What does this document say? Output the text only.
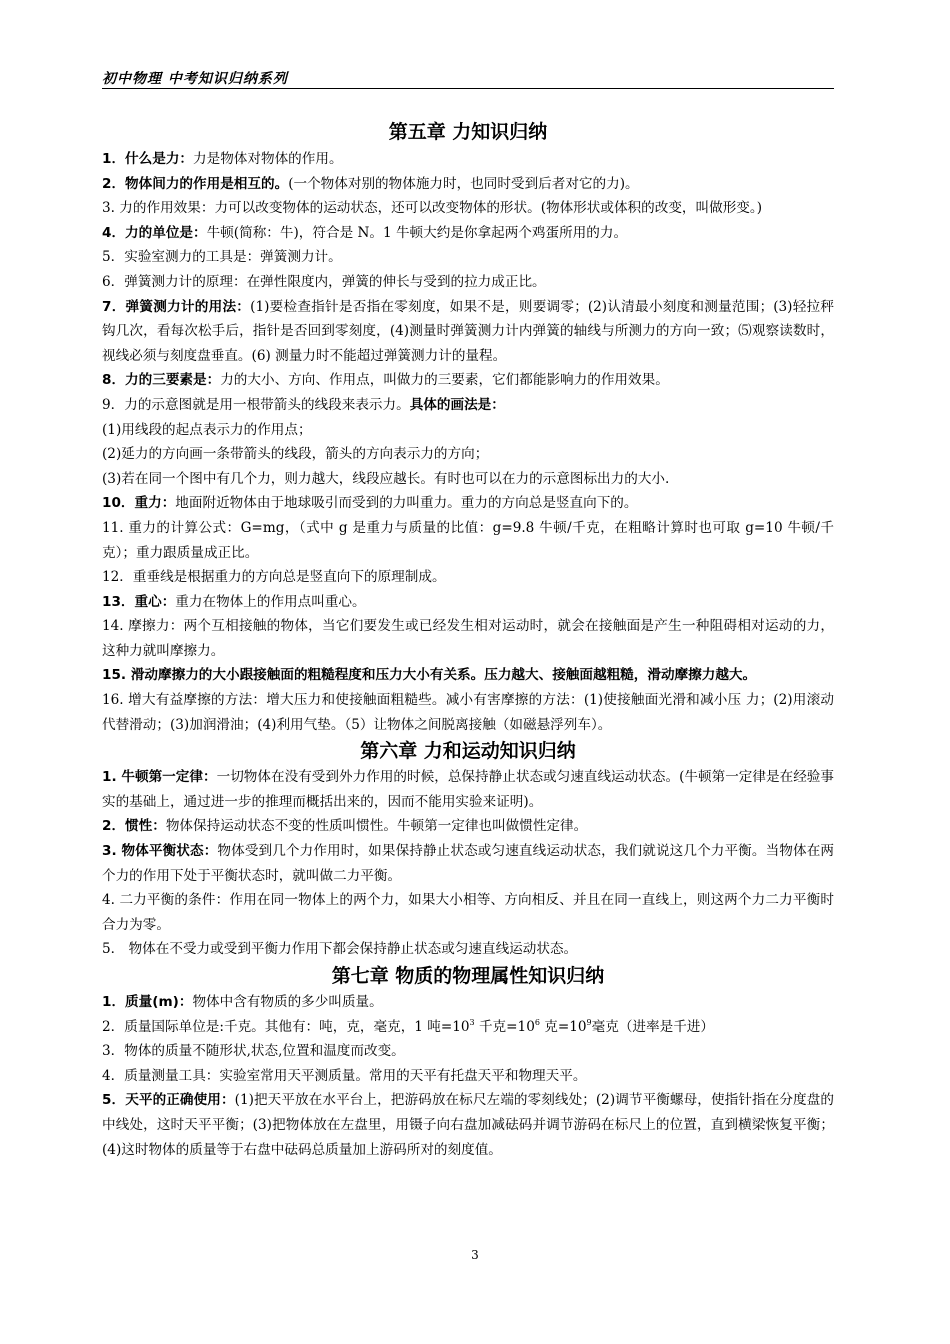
初中物理 中考知识归纳系列

第五章 力知识归纳

1．什么是力：力是物体对物体的作用。

2．物体间力的作用是相互的。(一个物体对别的物体施力时，也同时受到后者对它的力)。

3. 力的作用效果：力可以改变物体的运动状态，还可以改变物体的形状。(物体形状或体积的改变，叫做形变。)

4．力的单位是：牛顿(简称：牛)，符合是 N。1 牛顿大约是你拿起两个鸡蛋所用的力。

5．实验室测力的工具是：弹簧测力计。

6．弹簧测力计的原理：在弹性限度内，弹簧的伸长与受到的拉力成正比。

7．弹簧测力计的用法：(1)要检查指针是否指在零刻度，如果不是，则要调零；(2)认清最小刻度和测量范围；(3)轻拉秤钩几次，看每次松手后，指针是否回到零刻度，(4)测量时弹簧测力计内弹簧的轴线与所测力的方向一致；⑸观察读数时，视线必须与刻度盘垂直。(6) 测量力时不能超过弹簧测力计的量程。

8．力的三要素是：力的大小、方向、作用点，叫做力的三要素，它们都能影响力的作用效果。

9．力的示意图就是用一根带箭头的线段来表示力。具体的画法是：

(1)用线段的起点表示力的作用点；

(2)延力的方向画一条带箭头的线段，箭头的方向表示力的方向；

(3)若在同一个图中有几个力，则力越大，线段应越长。有时也可以在力的示意图标出力的大小.

10．重力：地面附近物体由于地球吸引而受到的力叫重力。重力的方向总是竖直向下的。

11. 重力的计算公式：G=mg，（式中 g 是重力与质量的比值：g=9.8 牛顿/千克，在粗略计算时也可取 g=10 牛顿/千克）；重力跟质量成正比。

12．重垂线是根据重力的方向总是竖直向下的原理制成。

13．重心：重力在物体上的作用点叫重心。

14. 摩擦力：两个互相接触的物体，当它们要发生或已经发生相对运动时，就会在接触面是产生一种阻碍相对运动的力，这种力就叫摩擦力。

15. 滑动摩擦力的大小跟接触面的粗糙程度和压力大小有关系。压力越大、接触面越粗糙，滑动摩擦力越大。

16. 增大有益摩擦的方法：增大压力和使接触面粗糙些。减小有害摩擦的方法：(1)使接触面光滑和减小压 力；(2)用滚动代替滑动；(3)加润滑油；(4)利用气垫。（5）让物体之间脱离接触（如磁悬浮列车）。

第六章 力和运动知识归纳

1. 牛顿第一定律：一切物体在没有受到外力作用的时候，总保持静止状态或匀速直线运动状态。(牛顿第一定律是在经验事实的基础上，通过进一步的推理而概括出来的，因而不能用实验来证明)。

2．惯性：物体保持运动状态不变的性质叫惯性。牛顿第一定律也叫做惯性定律。

3. 物体平衡状态：物体受到几个力作用时，如果保持静止状态或匀速直线运动状态，我们就说这几个力平衡。当物体在两个力的作用下处于平衡状态时，就叫做二力平衡。

4. 二力平衡的条件：作用在同一物体上的两个力，如果大小相等、方向相反、并且在同一直线上，则这两个力二力平衡时合力为零。

5． 物体在不受力或受到平衡力作用下都会保持静止状态或匀速直线运动状态。

第七章 物质的物理属性知识归纳

1．质量(m)：物体中含有物质的多少叫质量。

2．质量国际单位是:千克。其他有：吨，克，毫克，1 吨$=10^3$ 千克$=10^6$ 克$=10^9$毫克（进率是千进）

3．物体的质量不随形状,状态,位置和温度而改变。

4．质量测量工具：实验室常用天平测质量。常用的天平有托盘天平和物理天平。

5．天平的正确使用：(1)把天平放在水平台上，把游码放在标尺左端的零刻线处；(2)调节平衡螺母，使指针指在分度盘的中线处，这时天平平衡；(3)把物体放在左盘里，用镊子向右盘加减砝码并调节游码在标尺上的位置，直到横梁恢复平衡；(4)这时物体的质量等于右盘中砝码总质量加上游码所对的刻度值。

3
